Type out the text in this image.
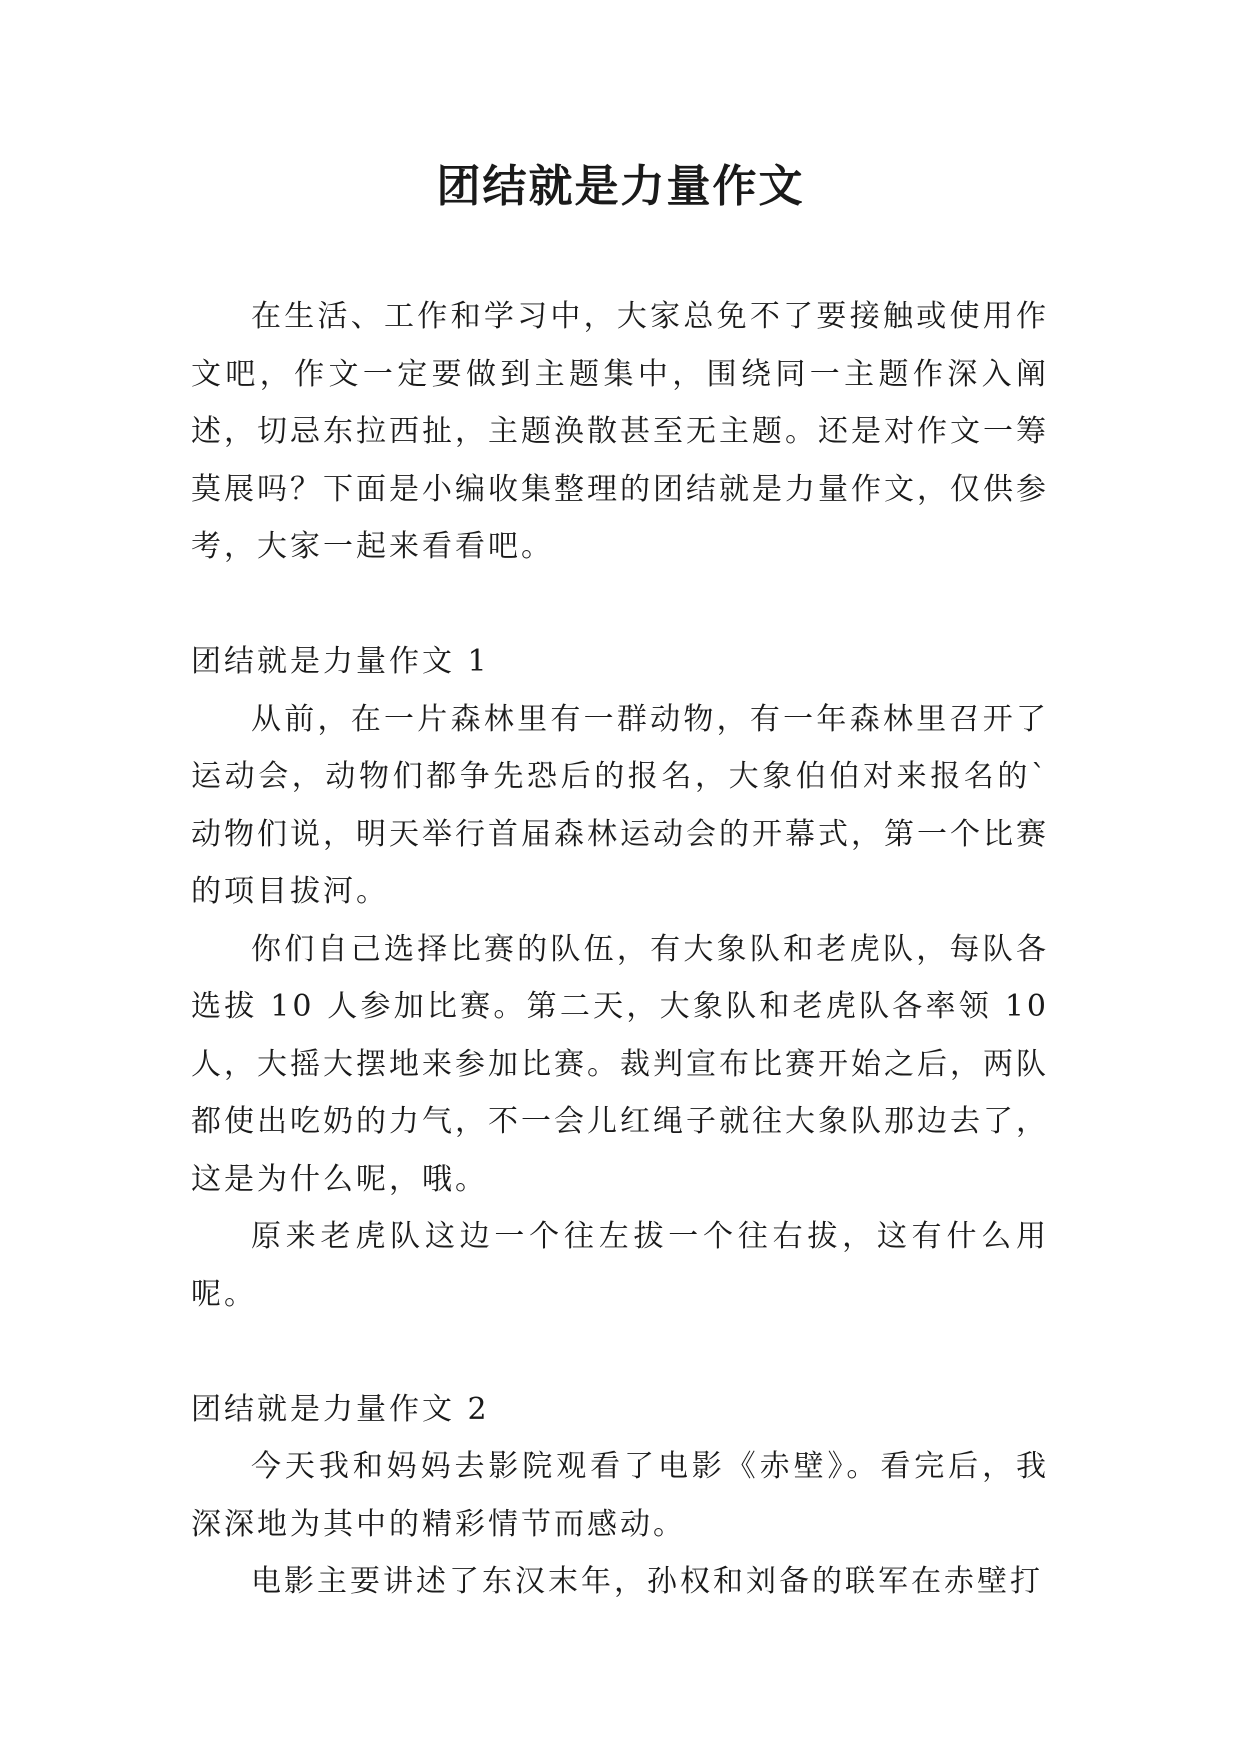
团结就是力量作文

在生活、工作和学习中，大家总免不了要接触或使用作文吧，作文一定要做到主题集中，围绕同一主题作深入阐述，切忌东拉西扯，主题涣散甚至无主题。还是对作文一筹莫展吗？下面是小编收集整理的团结就是力量作文，仅供参考，大家一起来看看吧。

团结就是力量作文 1

从前，在一片森林里有一群动物，有一年森林里召开了运动会，动物们都争先恐后的报名，大象伯伯对来报名的`动物们说，明天举行首届森林运动会的开幕式，第一个比赛的项目拔河。

你们自己选择比赛的队伍，有大象队和老虎队，每队各选拔 10 人参加比赛。第二天，大象队和老虎队各率领 10 人，大摇大摆地来参加比赛。裁判宣布比赛开始之后，两队都使出吃奶的力气，不一会儿红绳子就往大象队那边去了，这是为什么呢，哦。

原来老虎队这边一个往左拔一个往右拔，这有什么用呢。

团结就是力量作文 2

今天我和妈妈去影院观看了电影《赤壁》。看完后，我深深地为其中的精彩情节而感动。

电影主要讲述了东汉末年，孙权和刘备的联军在赤壁打
